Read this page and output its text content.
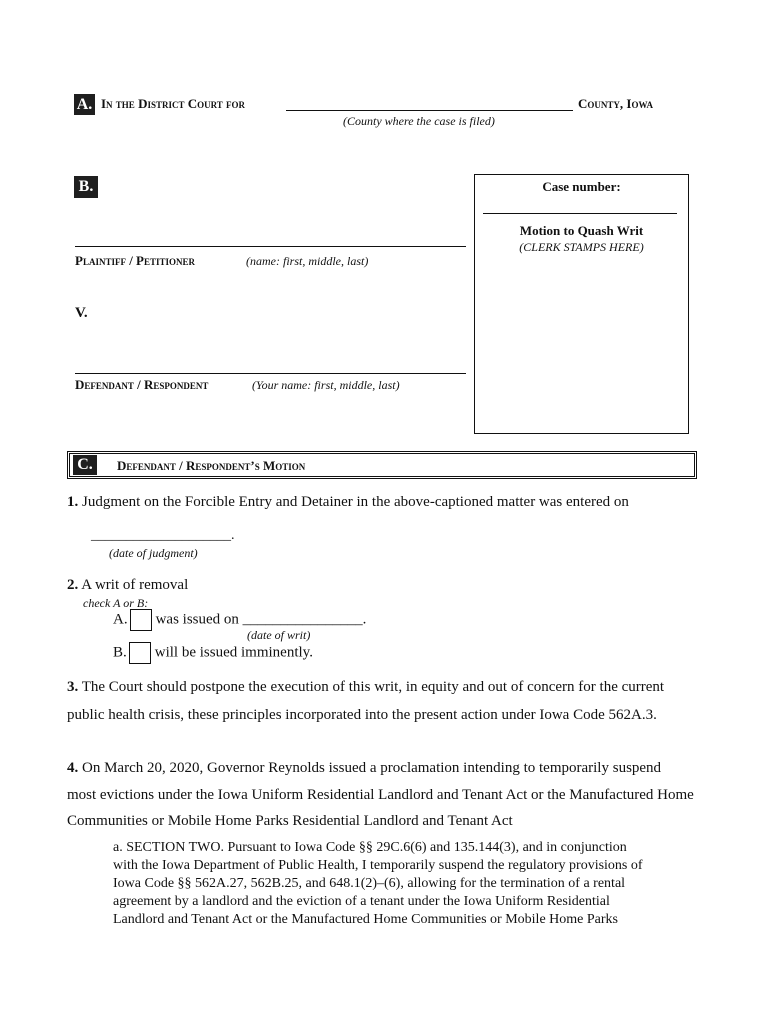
A. In the District Court for	County, Iowa
(County where the case is filed)
B.
Plaintiff / Petitioner	(name: first, middle, last)
V.
Defendant / Respondent	(Your name: first, middle, last)
Case number:
Motion to Quash Writ
(CLERK STAMPS HERE)
C.	Defendant / Respondent’s Motion
1. Judgment on the Forcible Entry and Detainer in the above-captioned matter was entered on
____________________.
(date of judgment)
2. A writ of removal
check A or B:
A. was issued on ________________.
(date of writ)
B. will be issued imminently.
3. The Court should postpone the execution of this writ, in equity and out of concern for the current
public health crisis, these principles incorporated into the present action under Iowa Code 562A.3.
4. On March 20, 2020, Governor Reynolds issued a proclamation intending to temporarily suspend
most evictions under the Iowa Uniform Residential Landlord and Tenant Act or the Manufactured Home
Communities or Mobile Home Parks Residential Landlord and Tenant Act
a. SECTION TWO. Pursuant to Iowa Code §§ 29C.6(6) and 135.144(3), and in conjunction
with the Iowa Department of Public Health, I temporarily suspend the regulatory provisions of
Iowa Code §§ 562A.27, 562B.25, and 648.1(2)–(6), allowing for the termination of a rental
agreement by a landlord and the eviction of a tenant under the Iowa Uniform Residential
Landlord and Tenant Act or the Manufactured Home Communities or Mobile Home Parks
